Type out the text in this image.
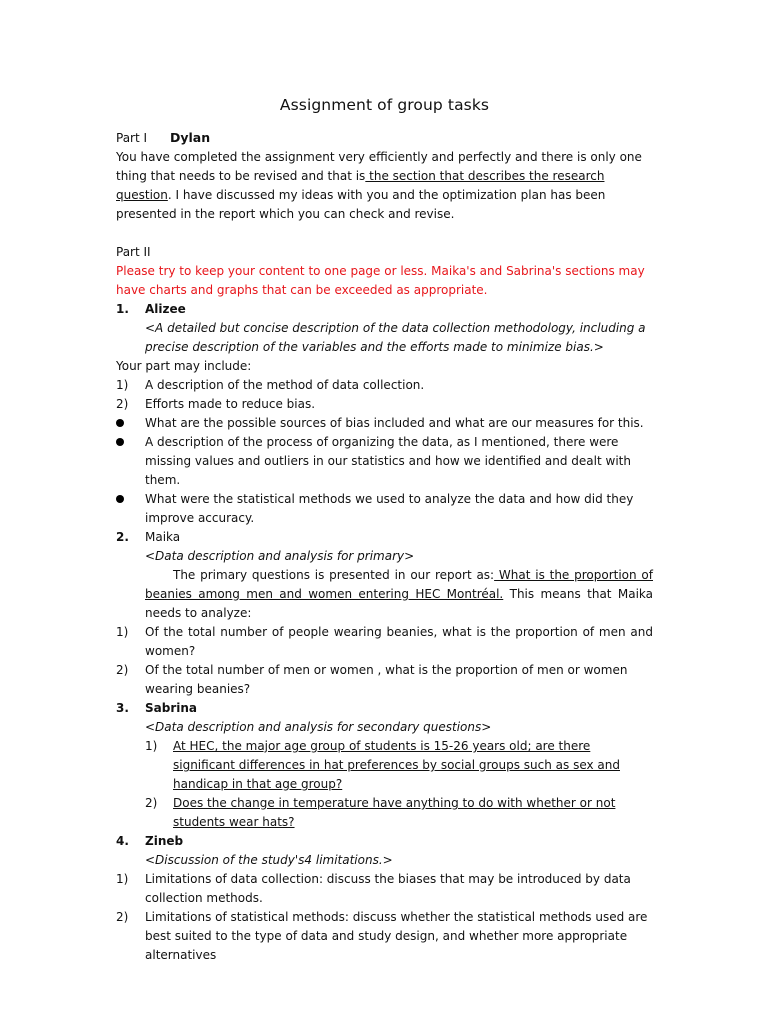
Assignment of group tasks

Part I Dylan

You have completed the assignment very efficiently and perfectly and there is only one thing that needs to be revised and that is the section that describes the research question. I have discussed my ideas with you and the optimization plan has been presented in the report which you can check and revise.

Part II

Please try to keep your content to one page or less. Maika's and Sabrina's sections may have charts and graphs that can be exceeded as appropriate.

1.	Alizee

<A detailed but concise description of the data collection methodology, including a precise description of the variables and the efforts made to minimize bias.>

Your part may include:

1)	A description of the method of data collection.
2)	Efforts made to reduce bias.
What are the possible sources of bias included and what are our measures for this.
A description of the process of organizing the data, as I mentioned, there were missing values and outliers in our statistics and how we identified and dealt with them.
What were the statistical methods we used to analyze the data and how did they improve accuracy.
2.	Maika

<Data description and analysis for primary>

The primary questions is presented in our report as: What is the proportion of beanies among men and women entering HEC Montréal. This means that Maika needs to analyze:

1)	Of the total number of people wearing beanies, what is the proportion of men and women?
2)	Of the total number of men or women , what is the proportion of men or women wearing beanies?
3.	Sabrina

<Data description and analysis for secondary questions>

1)	At HEC, the major age group of students is 15-26 years old; are there significant differences in hat preferences by social groups such as sex and handicap in that age group?
2)	Does the change in temperature have anything to do with whether or not students wear hats?
4.	Zineb

<Discussion of the study's4 limitations.>

1)	Limitations of data collection: discuss the biases that may be introduced by data collection methods.
2)	Limitations of statistical methods: discuss whether the statistical methods used are best suited to the type of data and study design, and whether more appropriate alternatives
